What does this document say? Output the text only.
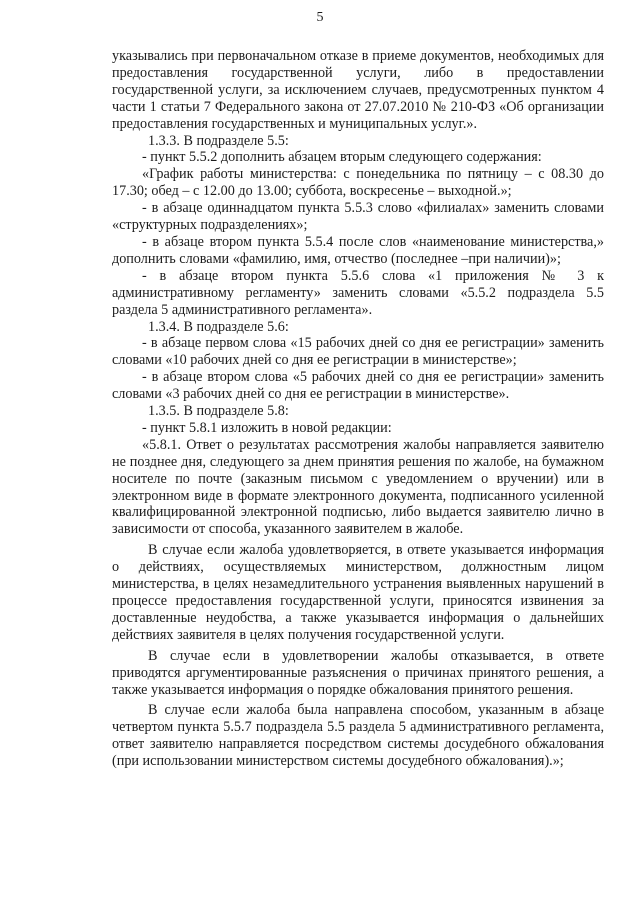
5

указывались при первоначальном отказе в приеме документов, необходимых для предоставления государственной услуги, либо в предоставлении государственной услуги, за исключением случаев, предусмотренных пунктом 4 части 1 статьи 7 Федерального закона от 27.07.2010 № 210-ФЗ «Об организации предоставления государственных и муниципальных услуг.».

1.3.3. В подразделе 5.5:

- пункт 5.5.2 дополнить абзацем вторым следующего содержания:

«График работы министерства: с понедельника по пятницу – с 08.30 до 17.30; обед – с 12.00 до 13.00; суббота, воскресенье – выходной.»;

- в абзаце одиннадцатом пункта 5.5.3 слово «филиалах» заменить словами «структурных подразделениях»;

- в абзаце втором пункта 5.5.4 после слов «наименование министерства,» дополнить словами «фамилию, имя, отчество (последнее –при наличии)»;

- в абзаце втором пункта 5.5.6 слова «1 приложения № 3 к административному регламенту» заменить словами «5.5.2 подраздела 5.5 раздела 5 административного регламента».

1.3.4. В подразделе 5.6:

- в абзаце первом слова «15 рабочих дней со дня ее регистрации» заменить словами «10 рабочих дней со дня ее регистрации в министерстве»;

- в абзаце втором слова «5 рабочих дней со дня ее регистрации» заменить словами «3 рабочих дней со дня ее регистрации в министерстве».

1.3.5. В подразделе 5.8:

- пункт 5.8.1 изложить в новой редакции:

«5.8.1. Ответ о результатах рассмотрения жалобы направляется заявителю не позднее дня, следующего за днем принятия решения по жалобе, на бумажном носителе по почте (заказным письмом с уведомлением о вручении) или в электронном виде в формате электронного документа, подписанного усиленной квалифицированной электронной подписью, либо выдается заявителю лично в зависимости от способа, указанного заявителем в жалобе.

В случае если жалоба удовлетворяется, в ответе указывается информация о действиях, осуществляемых министерством, должностным лицом министерства, в целях незамедлительного устранения выявленных нарушений в процессе предоставления государственной услуги, приносятся извинения за доставленные неудобства, а также указывается информация о дальнейших действиях заявителя в целях получения государственной услуги.

В случае если в удовлетворении жалобы отказывается, в ответе приводятся аргументированные разъяснения о причинах принятого решения, а также указывается информация о порядке обжалования принятого решения.

В случае если жалоба была направлена способом, указанным в абзаце четвертом пункта 5.5.7 подраздела 5.5 раздела 5 административного регламента, ответ заявителю направляется посредством системы досудебного обжалования (при использовании министерством системы досудебного обжалования).»;
